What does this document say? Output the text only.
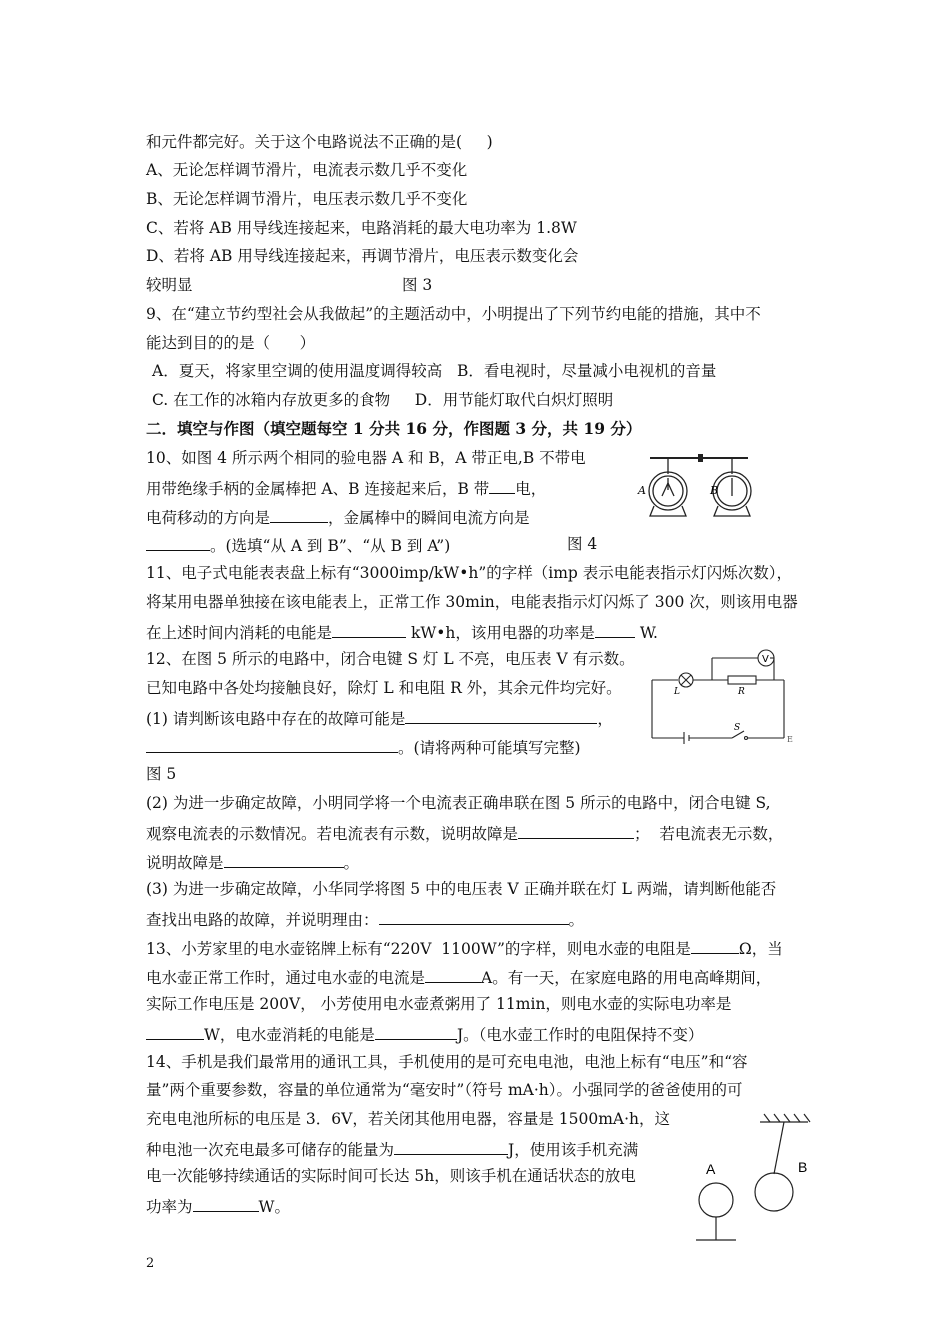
和元件都完好。关于这个电路说法不正确的是(     )
A、无论怎样调节滑片，电流表示数几乎不变化
B、无论怎样调节滑片，电压表示数几乎不变化
C、若将 AB 用导线连接起来，电路消耗的最大电功率为 1.8W
D、若将 AB 用导线连接起来，再调节滑片，电压表示数变化会
较明显	图 3
9、在“建立节约型社会从我做起”的主题活动中，小明提出了下列节约电能的措施，其中不
能达到目的的是（      ）
A．夏天，将家里空调的使用温度调得较高   B．看电视时，尽量减小电视机的音量
C. 在工作的冰箱内存放更多的食物     D．用节能灯取代白炽灯照明
二．填空与作图（填空题每空 1 分共 16 分，作图题 3 分，共 19 分）
10、如图 4 所示两个相同的验电器 A 和 B，A 带正电,B 不带电
用带绝缘手柄的金属棒把 A、B 连接起来后，B 带 电，
电荷移动的方向是	，金属棒中的瞬间电流方向是
。(选填“从 A 到 B”、“从 B 到 A”)	图 4
A	B
11、电子式电能表表盘上标有“3000imp/kW•h”的字样（imp 表示电能表指示灯闪烁次数），
将某用电器单独接在该电能表上，正常工作 30min，电能表指示灯闪烁了 300 次，则该用电器
在上述时间内消耗的电能是	kW•h，该用电器的功率是	W.
12、在图 5 所示的电路中，闭合电键 S 灯 L 不亮，电压表 V 有示数。
已知电路中各处均接触良好，除灯 L 和电阻 R 外，其余元件均完好。
(1) 请判断该电路中存在的故障可能是	，
。(请将两种可能填写完整)
图 5
V
L	R
S
E
(2) 为进一步确定故障，小明同学将一个电流表正确串联在图 5 所示的电路中，闭合电键 S,
观察电流表的示数情况。若电流表有示数，说明故障是	；  若电流表无示数，
说明故障是	。
(3) 为进一步确定故障，小华同学将图 5 中的电压表 V 正确并联在灯 L 两端，请判断他能否
查找出电路的故障，并说明理由：	。
13、小芳家里的电水壶铭牌上标有“220V  1100W”的字样，则电水壶的电阻是	Ω，当
电水壶正常工作时，通过电水壶的电流是	A。有一天，在家庭电路的用电高峰期间，
实际工作电压是 200V， 小芳使用电水壶煮粥用了 11min，则电水壶的实际电功率是
W，电水壶消耗的电能是	J。（电水壶工作时的电阻保持不变）
14、手机是我们最常用的通讯工具，手机使用的是可充电电池，电池上标有“电压”和“容
量”两个重要参数，容量的单位通常为“毫安时”（符号 mA·h）。小强同学的爸爸使用的可
充电电池所标的电压是 3．6V，若关闭其他用电器，容量是 1500mA·h，这
种电池一次充电最多可储存的能量为	J，使用该手机充满
电一次能够持续通话的实际时间可长达 5h，则该手机在通话状态的放电
功率为	W。
A	B
2
